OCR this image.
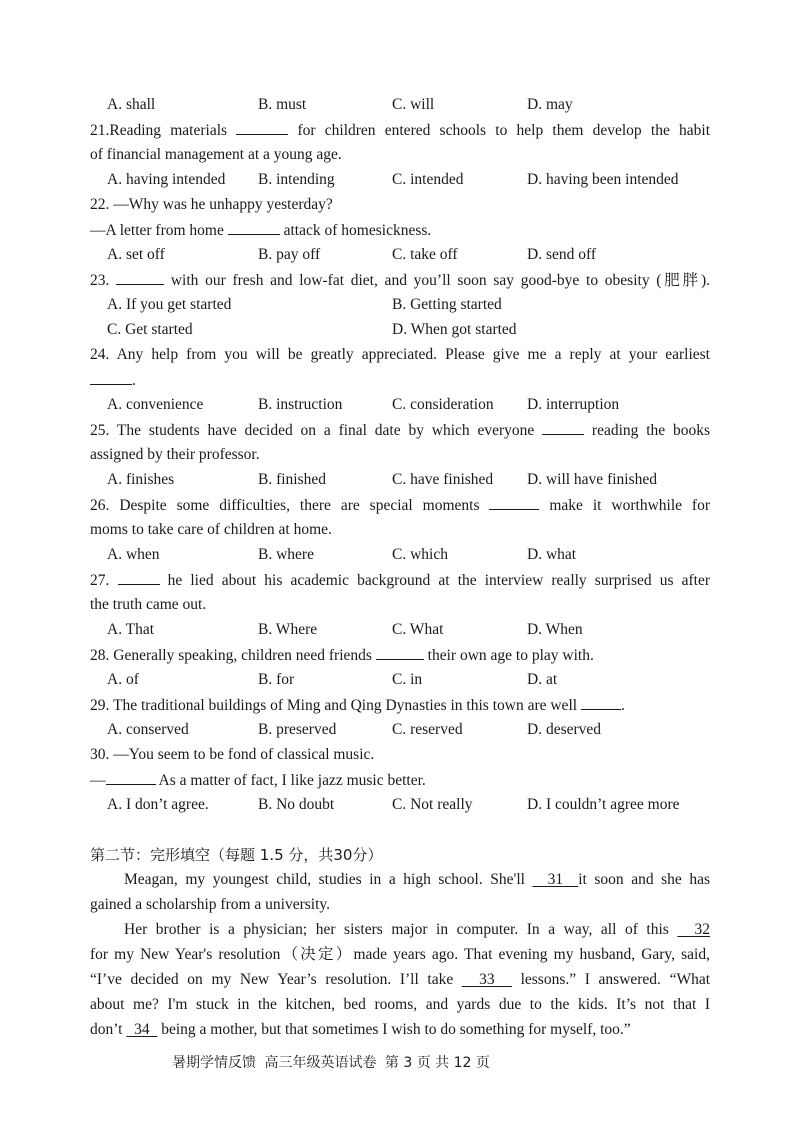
A. shall	B. must	C. will	D. may
21.Reading materials	for children entered schools to help them develop the habit
of financial management at a young age.
A. having intended B. intending	C. intended	D. having been intended
22. —Why was he unhappy yesterday?
—A letter from home	attack of homesickness.
A. set off	B. pay off	C. take off	D. send off
23.	with our fresh and low-fat diet, and you’ll soon say good-bye to obesity (肥胖).
A. If you get started	B. Getting started
C. Get started	D. When got started
24. Any help from you will be greatly appreciated. Please give me a reply at your earliest
.
A. convenience	B. instruction	C. consideration D. interruption
25. The students have decided on a final date by which everyone	reading the books
assigned by their professor.
A. finishes	B. finished	C. have finished D. will have finished
26. Despite some difficulties, there are special moments	make it worthwhile for
moms to take care of children at home.
A. when	B. where	C. which	D. what
27.	he lied about his academic background at the interview really surprised us after
the truth came out.
A. That	B. Where	C. What	D. When
28. Generally speaking, children need friends	their own age to play with.
A. of	B. for	C. in	D. at
29. The traditional buildings of Ming and Qing Dynasties in this town are well	.
A. conserved	B. preserved	C. reserved	D. deserved
30. —You seem to be fond of classical music.
—	As a matter of fact, I like jazz music better.
A. I don’t agree.	B. No doubt	C. Not really	D. I couldn’t agree more
第二节：完形填空（每题 1.5 分，共30分）
Meagan, my youngest child, studies in a high school. She'll 31 it soon and she has
gained a scholarship from a university.
Her brother is a physician; her sisters major in computer. In a way, all of this 32
for my New Year's resolution（决定）made years ago. That evening my husband, Gary, said,
“I’ve decided on my New Year’s resolution. I’ll take 33 lessons.” I answered. “What
about me? I'm stuck in the kitchen, bed rooms, and yards due to the kids. It’s not that I
don’t 34 being a mother, but that sometimes I wish to do something for myself, too.”
暑期学情反馈 高三年级英语试卷 第 3 页 共 12 页
